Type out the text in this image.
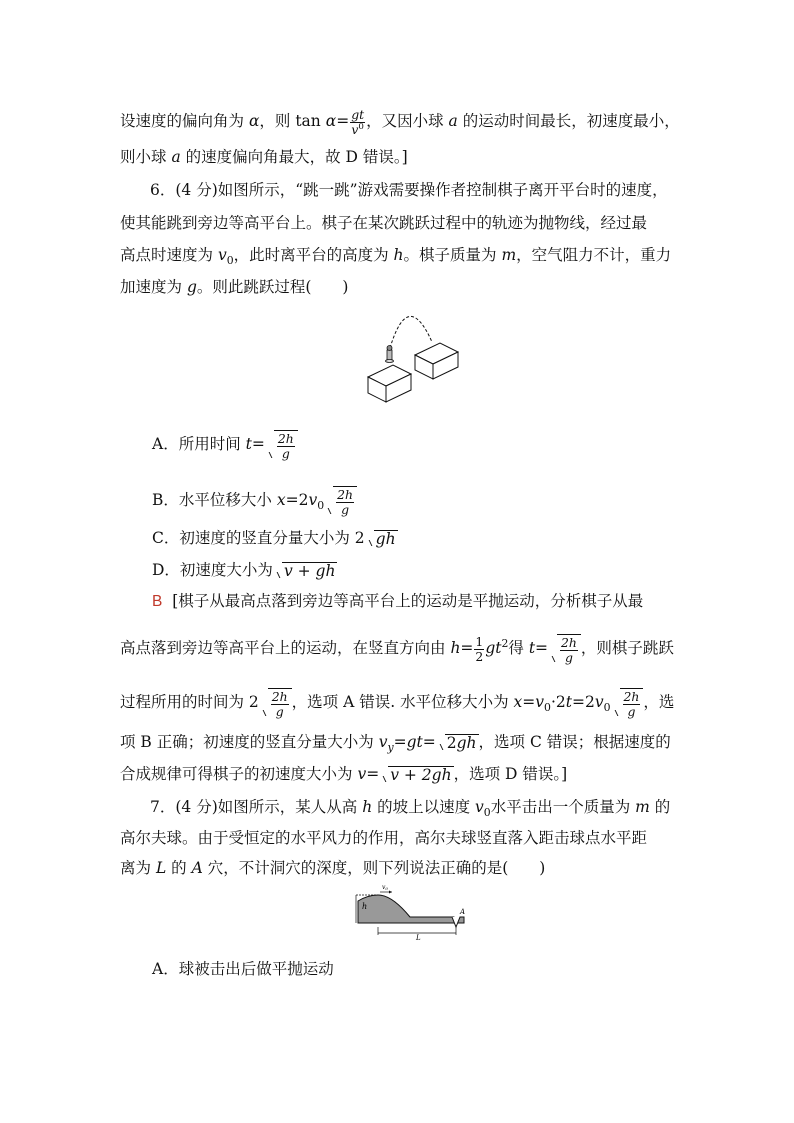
设速度的偏向角为 α，则 $\tan \alpha= \frac{gt}{v^0}$ ，又因小球 a 的运动时间最长，初速度最小，
则小球 a 的速度偏向角最大，故 D 错误。]
6．(4 分)如图所示，“跳一跳”游戏需要操作者控制棋子离开平台时的速度，
使其能跳到旁边等高平台上。棋子在某次跳跃过程中的轨迹为抛物线，经过最
高点时速度为 $v_0$，此时离平台的高度为 h。棋子质量为 m，空气阻力不计，重力
加速度为 g。则此跳跃过程(　　)
A．所用时间 $t= \frac{2h}{g}$
B．水平位移大小 $x=2v_0 \frac{2h}{g}$
C．初速度的竖直分量大小为 2 gh
D．初速度大小为 v + gh
B [棋子从最高点落到旁边等高平台上的运动是平抛运动，分析棋子从最
高点落到旁边等高平台上的运动，在竖直方向由 $h= \frac{1}{2} gt^2$得 $t= \frac{2h}{g}$ ，则棋子跳跃
过程所用的时间为 $2 \frac{2h}{g}$ ，选项 A 错误. 水平位移大小为 $x=v_0\cdot 2t=2v_0 \frac{2h}{g}$ ，选
项 B 正确；初速度的竖直分量大小为 $v_y=gt= 2gh$ ，选项 C 错误；根据速度的
合成规律可得棋子的初速度大小为 v= v + 2gh ，选项 D 错误。]
7．(4 分)如图所示，某人从高 h 的坡上以速度 $v_0$水平击出一个质量为 m 的
高尔夫球。由于受恒定的水平风力的作用，高尔夫球竖直落入距击球点水平距
离为 L 的 A 穴，不计洞穴的深度，则下列说法正确的是(　　)
h
v0
L
A
A．球被击出后做平抛运动
